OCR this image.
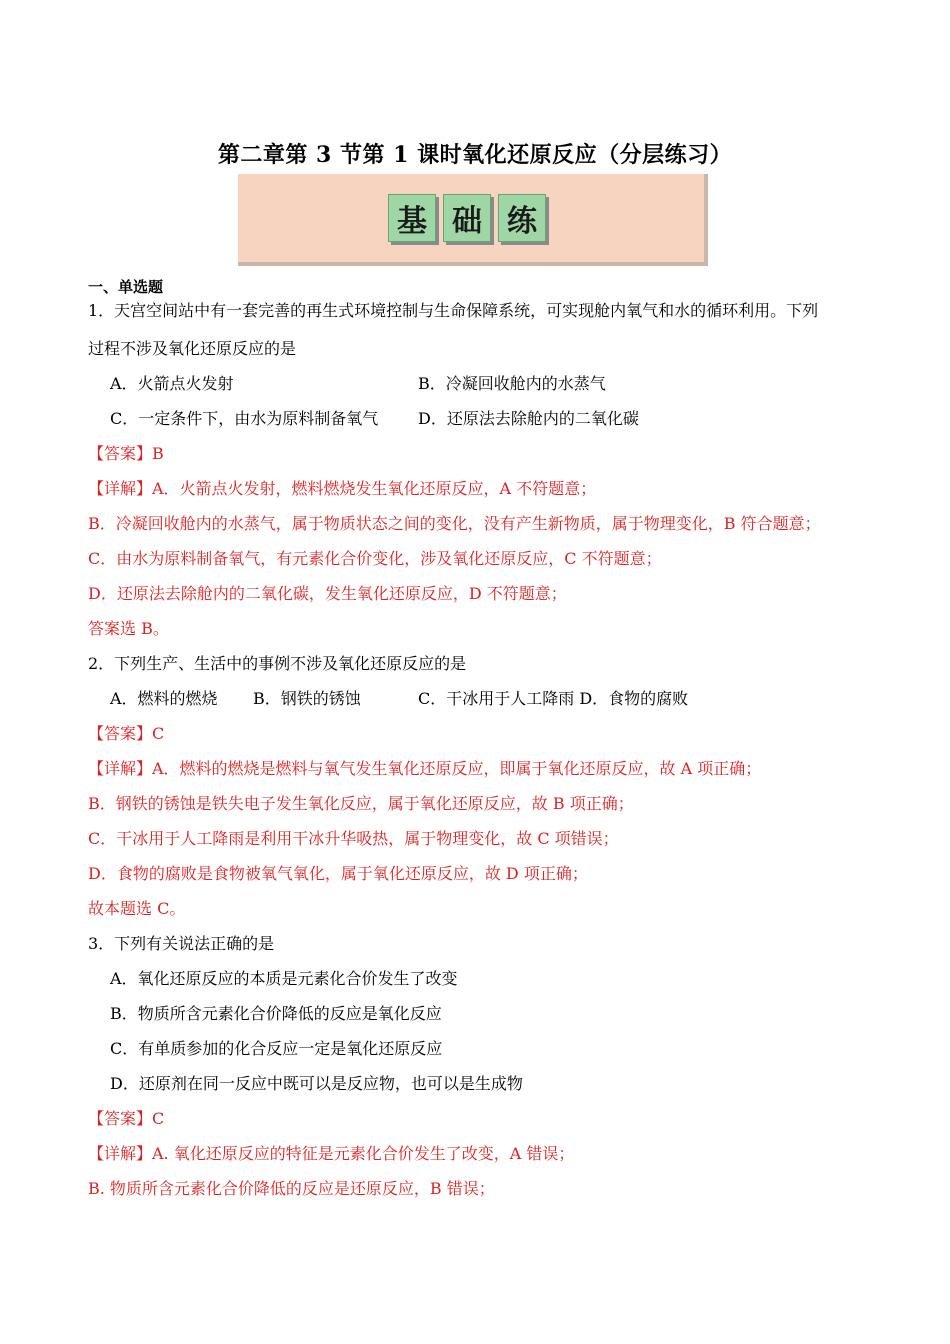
第二章第 3 节第 1 课时氧化还原反应（分层练习）
基 础 练
一、单选题
1．天宫空间站中有一套完善的再生式环境控制与生命保障系统，可实现舱内氧气和水的循环利用。下列
过程不涉及氧化还原反应的是
A．火箭点火发射	B．冷凝回收舱内的水蒸气
C．一定条件下，由水为原料制备氧气 D．还原法去除舱内的二氧化碳
【答案】B
【详解】A．火箭点火发射，燃料燃烧发生氧化还原反应，A 不符题意；
B．冷凝回收舱内的水蒸气，属于物质状态之间的变化，没有产生新物质，属于物理变化，B 符合题意；
C．由水为原料制备氧气，有元素化合价变化，涉及氧化还原反应，C 不符题意；
D．还原法去除舱内的二氧化碳，发生氧化还原反应，D 不符题意；
答案选 B。
2．下列生产、生活中的事例不涉及氧化还原反应的是
A．燃料的燃烧 B．钢铁的锈蚀	C．干冰用于人工降雨 D．食物的腐败
【答案】C
【详解】A．燃料的燃烧是燃料与氧气发生氧化还原反应，即属于氧化还原反应，故 A 项正确；
B．钢铁的锈蚀是铁失电子发生氧化反应，属于氧化还原反应，故 B 项正确；
C．干冰用于人工降雨是利用干冰升华吸热，属于物理变化，故 C 项错误；
D．食物的腐败是食物被氧气氧化，属于氧化还原反应，故 D 项正确；
故本题选 C。
3．下列有关说法正确的是
A．氧化还原反应的本质是元素化合价发生了改变
B．物质所含元素化合价降低的反应是氧化反应
C．有单质参加的化合反应一定是氧化还原反应
D．还原剂在同一反应中既可以是反应物，也可以是生成物
【答案】C
【详解】A. 氧化还原反应的特征是元素化合价发生了改变，A 错误；
B. 物质所含元素化合价降低的反应是还原反应，B 错误；
